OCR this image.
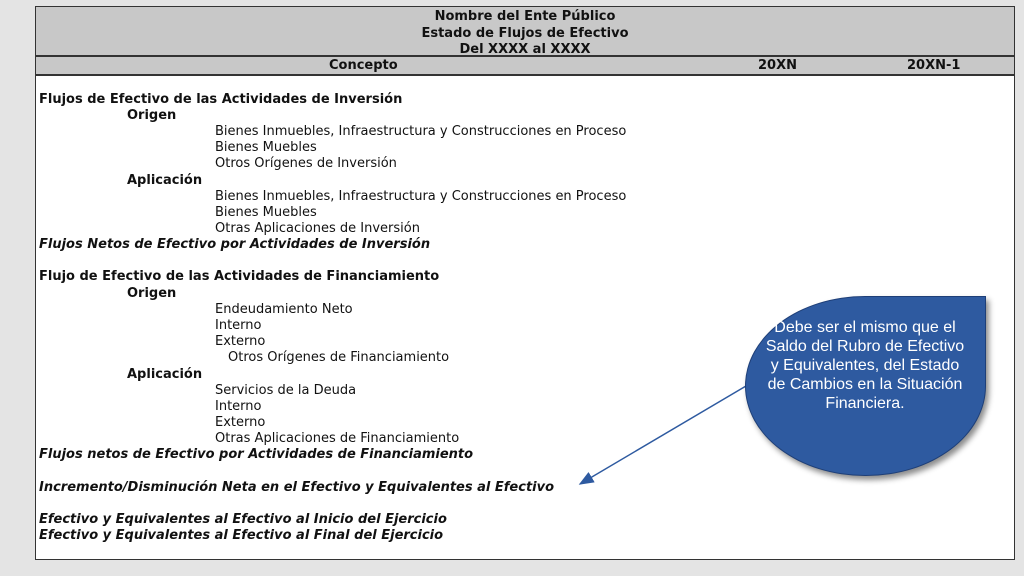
Nombre del Ente Público
Estado de Flujos de Efectivo
Del XXXX al XXXX
Concepto	20XN	20XN-1
Flujos de Efectivo de las Actividades de Inversión
Origen
Bienes Inmuebles, Infraestructura y Construcciones en Proceso
Bienes Muebles
Otros Orígenes de Inversión
Aplicación
Bienes Inmuebles, Infraestructura y Construcciones en Proceso
Bienes Muebles
Otras Aplicaciones de Inversión
Flujos Netos de Efectivo por Actividades de Inversión
Flujo de Efectivo de las Actividades de Financiamiento
Origen
Endeudamiento Neto
Interno
Externo
Otros Orígenes de Financiamiento
Aplicación
Servicios de la Deuda
Interno
Externo
Otras Aplicaciones de Financiamiento
Flujos netos de Efectivo por Actividades de Financiamiento
Incremento/Disminución Neta en el Efectivo y Equivalentes al Efectivo
Efectivo y Equivalentes al Efectivo al Inicio del Ejercicio
Efectivo y Equivalentes al Efectivo al Final del Ejercicio
Debe ser el mismo que el Saldo del Rubro de Efectivo y Equivalentes, del Estado de Cambios en la Situación Financiera.
